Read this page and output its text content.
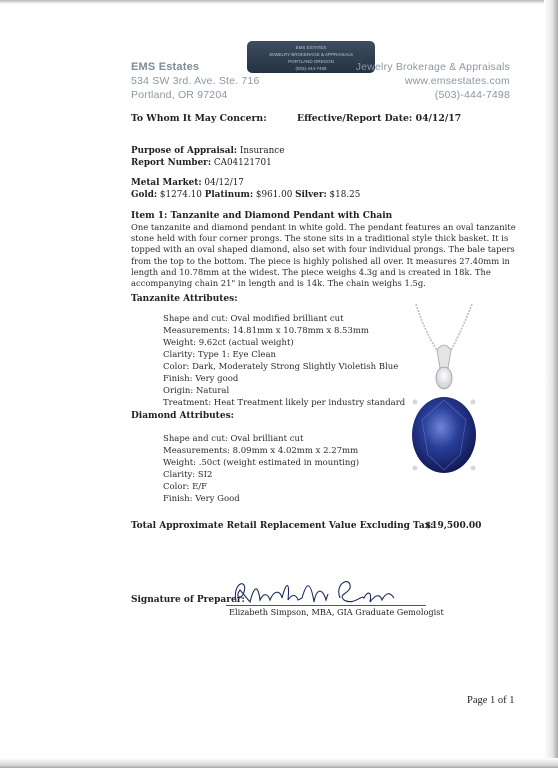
EMS Estates
534 SW 3rd. Ave. Ste. 716
Portland, OR 97204
EMS ESTATES
JEWELRY BROKERAGE & APPRAISALS
PORTLAND OREGON
(503)-444-7498	Jewelry Brokerage & Appraisals
www.emsestates.com
(503)-444-7498
To Whom It May Concern:	Effective/Report Date: 04/12/17
Purpose of Appraisal: Insurance
Report Number: CA04121701
Metal Market: 04/12/17
Gold: $1274.10 Platinum: $961.00 Silver: $18.25
Item 1: Tanzanite and Diamond Pendant with Chain
One tanzanite and diamond pendant in white gold. The pendant features an oval tanzanite stone held with four corner prongs. The stone sits in a traditional style thick basket. It is topped with an oval shaped diamond, also set with four individual prongs. The bale tapers from the top to the bottom. The piece is highly polished all over. It measures 27.40mm in length and 10.78mm at the widest. The piece weighs 4.3g and is created in 18k. The accompanying chain 21" in length and is 14k. The chain weighs 1.5g.
Tanzanite Attributes:
Shape and cut: Oval modified brilliant cut
Measurements: 14.81mm x 10.78mm x 8.53mm
Weight: 9.62ct (actual weight)
Clarity: Type 1: Eye Clean
Color: Dark, Moderately Strong Slightly Violetish Blue
Finish: Very good
Origin: Natural
Treatment: Heat Treatment likely per industry standard
Diamond Attributes:
Shape and cut: Oval brilliant cut
Measurements: 8.09mm x 4.02mm x 2.27mm
Weight: .50ct (weight estimated in mounting)
Clarity: SI2
Color: E/F
Finish: Very Good
Total Approximate Retail Replacement Value Excluding Tax:
$19,500.00
Signature of Preparer:
Elizabeth Simpson, MBA, GIA Graduate Gemologist
Page 1 of 1
